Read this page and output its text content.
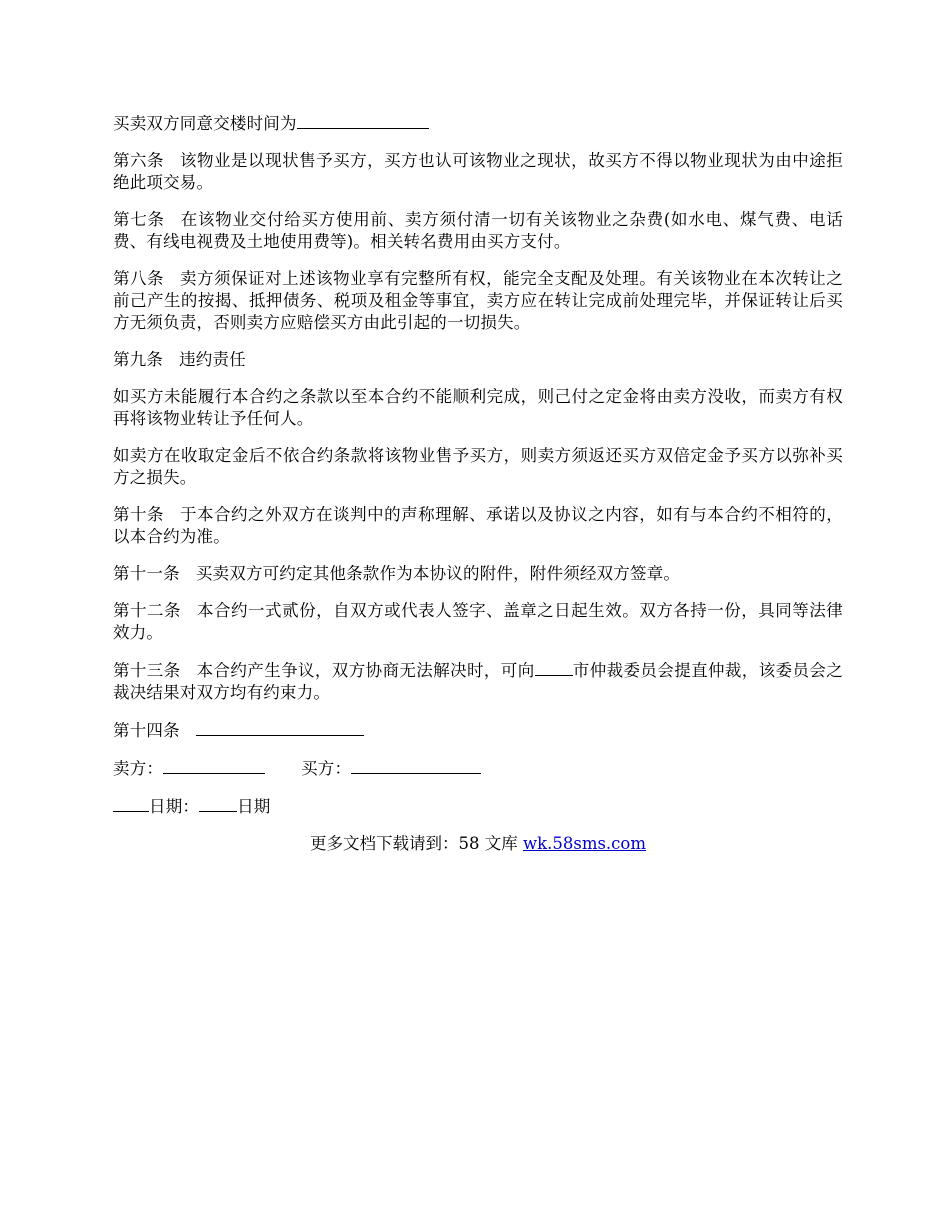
买卖双方同意交楼时间为

第六条 该物业是以现状售予买方，买方也认可该物业之现状，故买方不得以物业现状为由中途拒绝此项交易。

第七条 在该物业交付给买方使用前、卖方须付清一切有关该物业之杂费(如水电、煤气费、电话费、有线电视费及土地使用费等)。相关转名费用由买方支付。

第八条 卖方须保证对上述该物业享有完整所有权，能完全支配及处理。有关该物业在本次转让之前己产生的按揭、抵押债务、税项及租金等事宜，卖方应在转让完成前处理完毕，并保证转让后买方无须负责，否则卖方应赔偿买方由此引起的一切损失。

第九条 违约责任

如买方未能履行本合约之条款以至本合约不能顺利完成，则己付之定金将由卖方没收，而卖方有权再将该物业转让予任何人。

如卖方在收取定金后不依合约条款将该物业售予买方，则卖方须返还买方双倍定金予买方以弥补买方之损失。

第十条 于本合约之外双方在谈判中的声称理解、承诺以及协议之内容，如有与本合约不相符的，以本合约为准。

第十一条 买卖双方可约定其他条款作为本协议的附件，附件须经双方签章。

第十二条 本合约一式贰份，自双方或代表人签字、盖章之日起生效。双方各持一份，具同等法律效力。

第十三条 本合约产生争议，双方协商无法解决时，可向 市仲裁委员会提直仲裁，该委员会之裁决结果对双方均有约束力。

第十四条

卖方：	买方：

日期： 日期

更多文档下载请到：58 文库 wk.58sms.com
